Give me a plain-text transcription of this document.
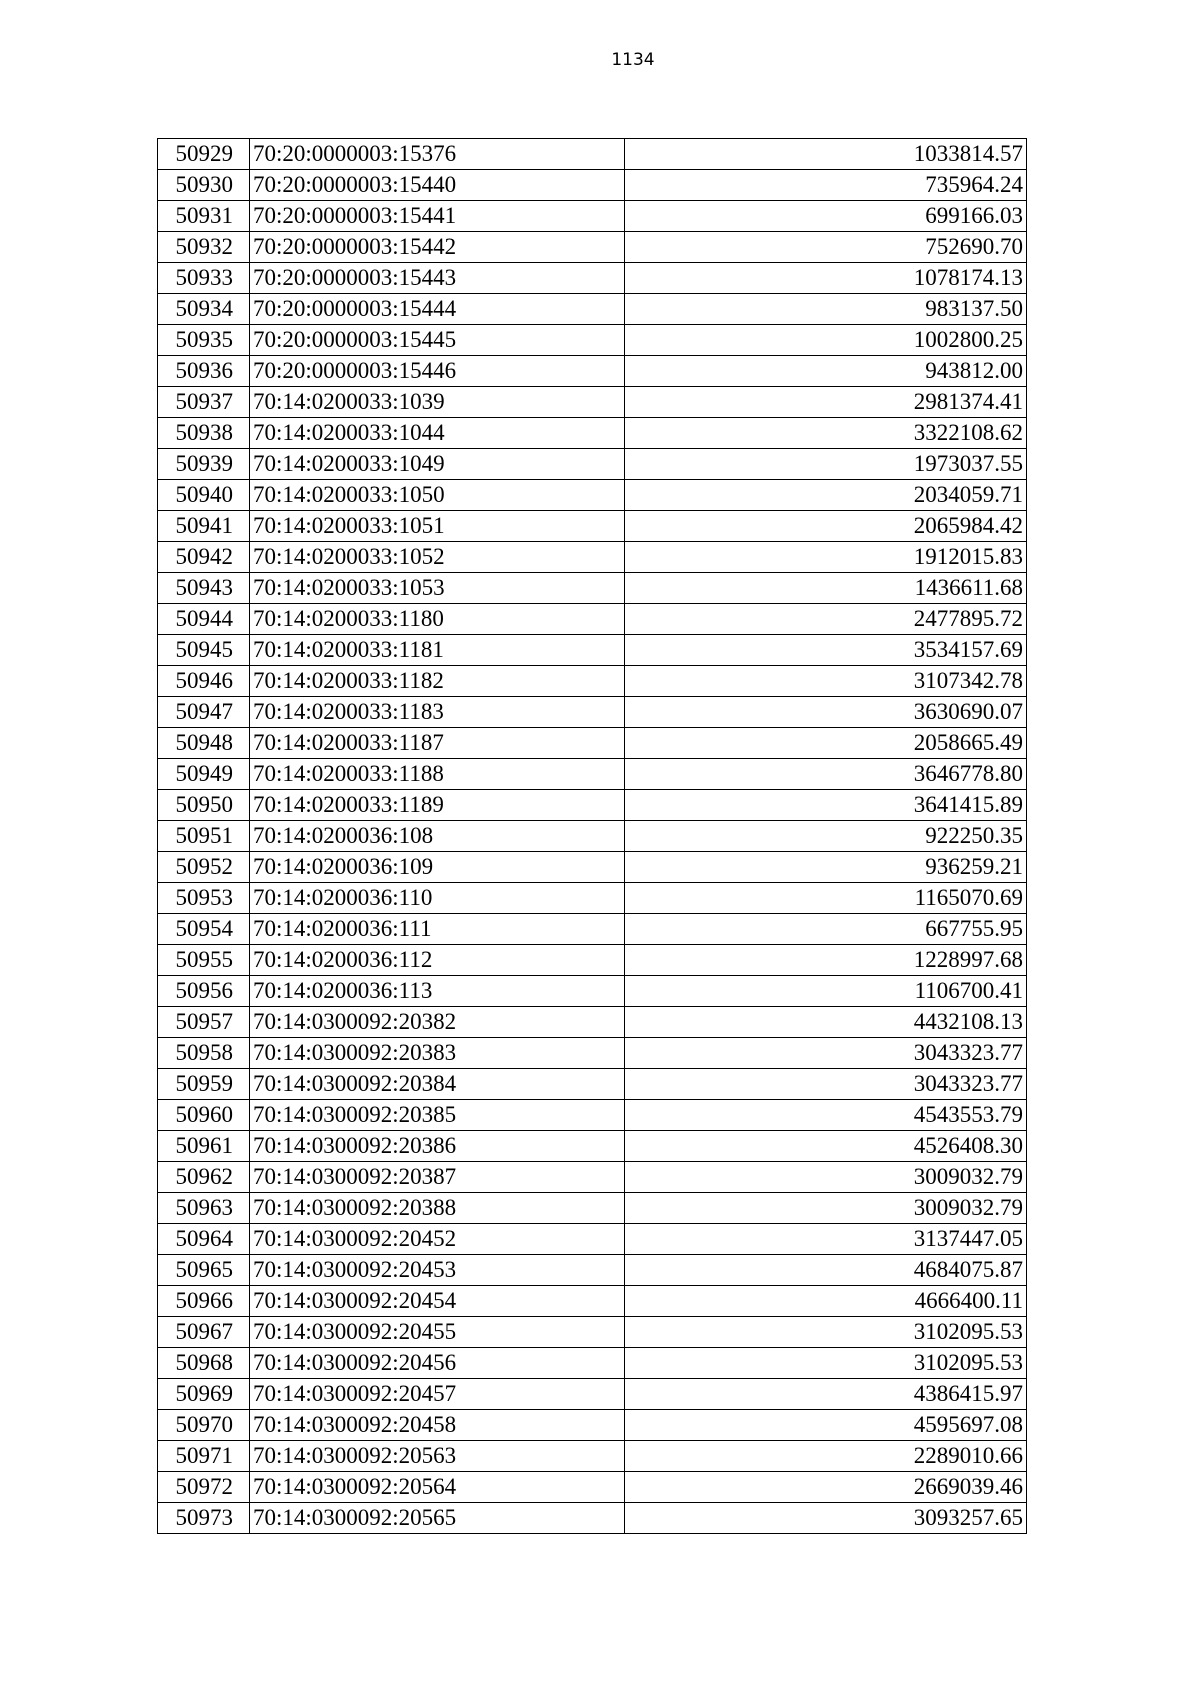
1134
50929	70:20:0000003:15376	1033814.57
50930	70:20:0000003:15440	735964.24
50931	70:20:0000003:15441	699166.03
50932	70:20:0000003:15442	752690.70
50933	70:20:0000003:15443	1078174.13
50934	70:20:0000003:15444	983137.50
50935	70:20:0000003:15445	1002800.25
50936	70:20:0000003:15446	943812.00
50937	70:14:0200033:1039	2981374.41
50938	70:14:0200033:1044	3322108.62
50939	70:14:0200033:1049	1973037.55
50940	70:14:0200033:1050	2034059.71
50941	70:14:0200033:1051	2065984.42
50942	70:14:0200033:1052	1912015.83
50943	70:14:0200033:1053	1436611.68
50944	70:14:0200033:1180	2477895.72
50945	70:14:0200033:1181	3534157.69
50946	70:14:0200033:1182	3107342.78
50947	70:14:0200033:1183	3630690.07
50948	70:14:0200033:1187	2058665.49
50949	70:14:0200033:1188	3646778.80
50950	70:14:0200033:1189	3641415.89
50951	70:14:0200036:108	922250.35
50952	70:14:0200036:109	936259.21
50953	70:14:0200036:110	1165070.69
50954	70:14:0200036:111	667755.95
50955	70:14:0200036:112	1228997.68
50956	70:14:0200036:113	1106700.41
50957	70:14:0300092:20382	4432108.13
50958	70:14:0300092:20383	3043323.77
50959	70:14:0300092:20384	3043323.77
50960	70:14:0300092:20385	4543553.79
50961	70:14:0300092:20386	4526408.30
50962	70:14:0300092:20387	3009032.79
50963	70:14:0300092:20388	3009032.79
50964	70:14:0300092:20452	3137447.05
50965	70:14:0300092:20453	4684075.87
50966	70:14:0300092:20454	4666400.11
50967	70:14:0300092:20455	3102095.53
50968	70:14:0300092:20456	3102095.53
50969	70:14:0300092:20457	4386415.97
50970	70:14:0300092:20458	4595697.08
50971	70:14:0300092:20563	2289010.66
50972	70:14:0300092:20564	2669039.46
50973	70:14:0300092:20565	3093257.65
